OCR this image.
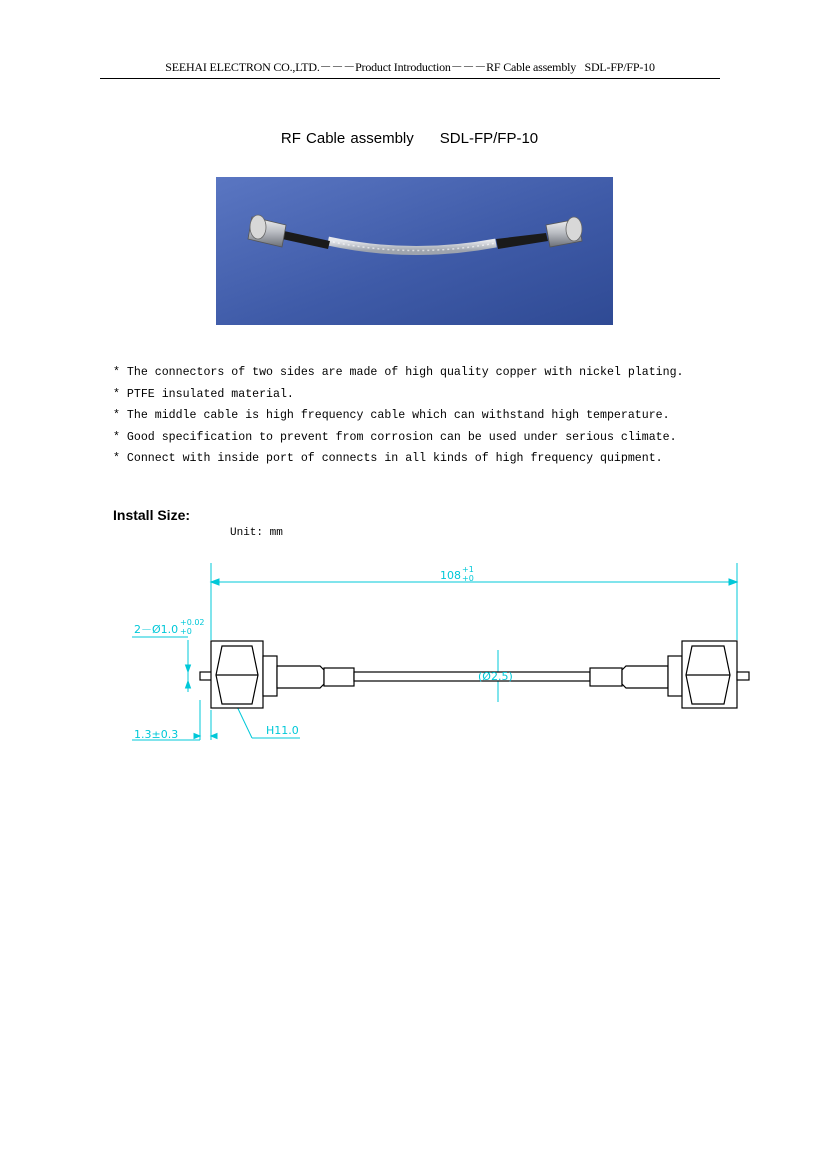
SEEHAI ELECTRON CO.,LTD.－－－Product Introduction－－－RF Cable assembly SDL-FP/FP-10
RF Cable assembly SDL-FP/FP-10
* The connectors of two sides are made of high quality copper with nickel plating.
* PTFE insulated material.
* The middle cable is high frequency cable which can withstand high temperature.
* Good specification to prevent from corrosion can be used under serious climate.
* Connect with inside port of connects in all kinds of high frequency quipment.
Install Size:
Unit: mm
108 +1
+0
2－Ø1.0
+0.02
+0
(Ø2.5)
1.3±0.3	H11.0
